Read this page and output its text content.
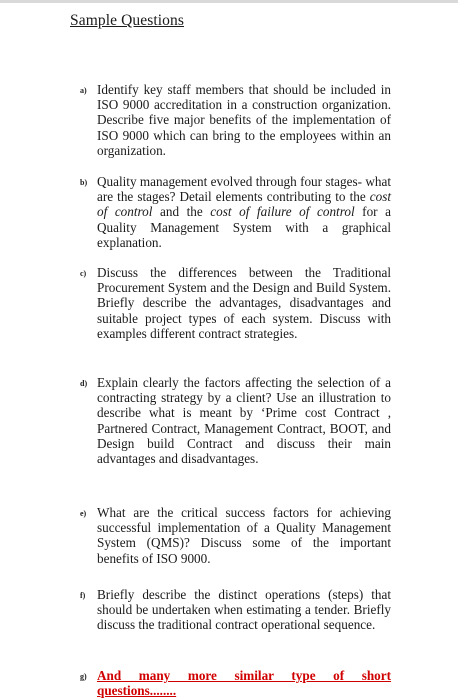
Sample Questions
a) Identify key staff members that should be included in ISO 9000 accreditation in a construction organization. Describe five major benefits of the implementation of ISO 9000 which can bring to the employees within an organization.
b) Quality management evolved through four stages- what are the stages? Detail elements contributing to the cost of control and the cost of failure of control for a Quality Management System with a graphical explanation.
c) Discuss the differences between the Traditional Procurement System and the Design and Build System. Briefly describe the advantages, disadvantages and suitable project types of each system. Discuss with examples different contract strategies.
d) Explain clearly the factors affecting the selection of a contracting strategy by a client? Use an illustration to describe what is meant by ‘Prime cost Contract , Partnered Contract, Management Contract, BOOT, and Design build Contract and discuss their main advantages and disadvantages.
e) What are the critical success factors for achieving successful implementation of a Quality Management System (QMS)? Discuss some of the important benefits of ISO 9000.
f) Briefly describe the distinct operations (steps) that should be undertaken when estimating a tender. Briefly discuss the traditional contract operational sequence.
g) And many more similar type of short
questions........
